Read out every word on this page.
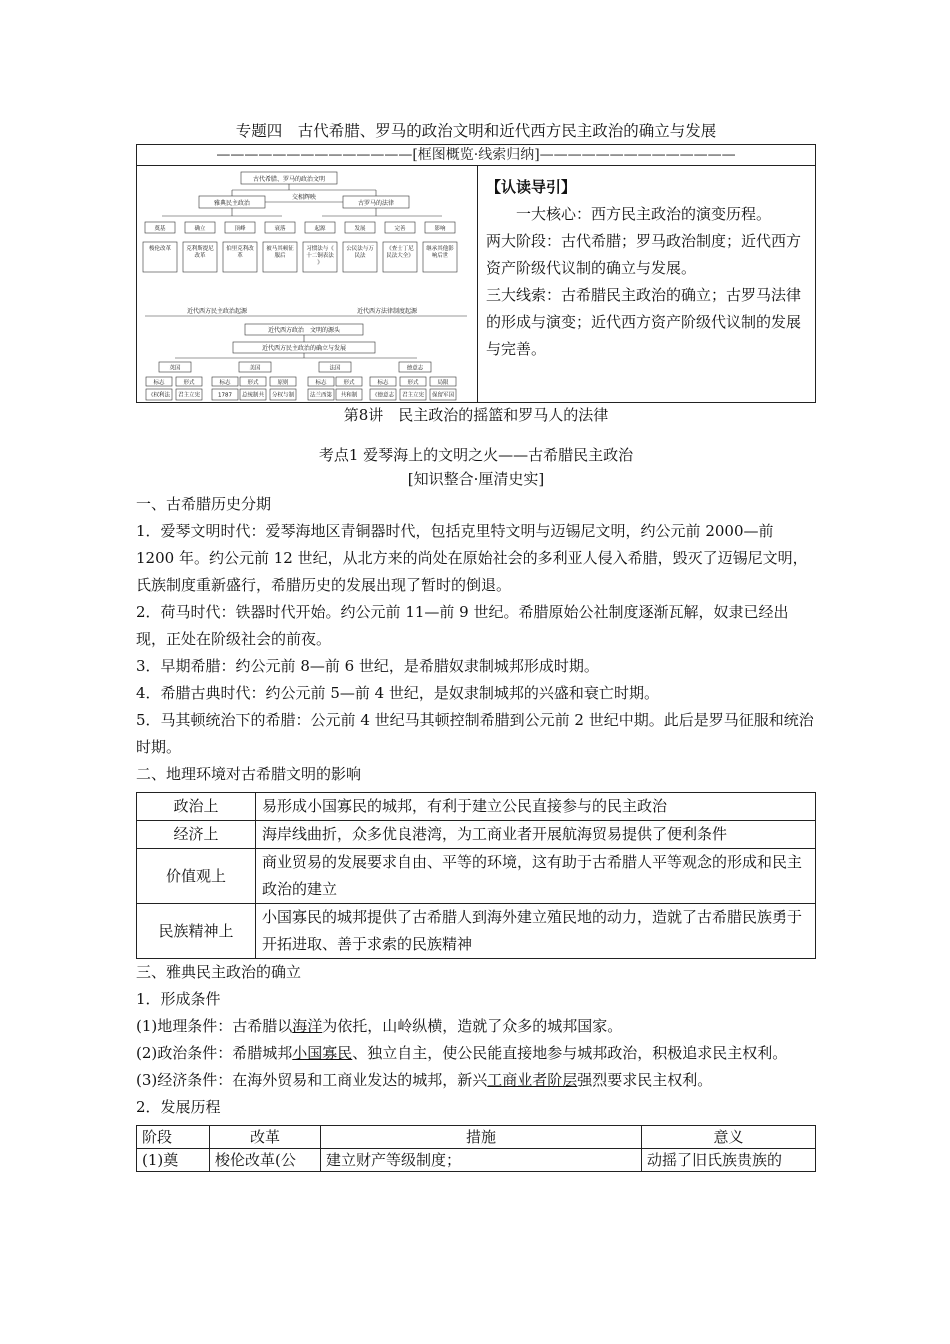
专题四　古代希腊、罗马的政治文明和近代西方民主政治的确立与发展
——————————————[框图概览·线索归纳]——————————————
古代希腊、罗马的政治文明
雅典民主政治
交相辉映
古罗马的法律
近代西方民主政治起源	近代西方法律制度起源
近代西方政治　文明的源头
近代西方民主政治的确立与发展
奠基
梭伦改革
确立
克利斯提尼改革
顶峰
伯里克利改革
衰落
被马其顿征服后
起源
习惯法与《十二铜表法》
发展
公民法与万民法
完善
《查士丁尼民法大全》
影响
继承其他影响后世
英国	美国	法国	德意志
标志	形式	标志	形式	原则	标志	形式	标志	形式	局限
《权利法 君主立宪	1787 总统制共 分权与制	法兰西第 共和制	《德意志 君主立宪 保留军国
【认读导引】
一大核心：西方民主政治的演变历程。
两大阶段：古代希腊；罗马政治制度；近代西方资产阶级代议制的确立与发展。
三大线索：古希腊民主政治的确立；古罗马法律的形成与演变；近代西方资产阶级代议制的发展与完善。
第8讲　民主政治的摇篮和罗马人的法律
考点1 爱琴海上的文明之火——古希腊民主政治
[知识整合·厘清史实]

一、古希腊历史分期

1．爱琴文明时代：爱琴海地区青铜器时代，包括克里特文明与迈锡尼文明，约公元前 2000—前 1200 年。约公元前 12 世纪，从北方来的尚处在原始社会的多利亚人侵入希腊，毁灭了迈锡尼文明，氏族制度重新盛行，希腊历史的发展出现了暂时的倒退。

2．荷马时代：铁器时代开始。约公元前 11—前 9 世纪。希腊原始公社制度逐渐瓦解，奴隶已经出现，正处在阶级社会的前夜。

3．早期希腊：约公元前 8—前 6 世纪，是希腊奴隶制城邦形成时期。

4．希腊古典时代：约公元前 5—前 4 世纪，是奴隶制城邦的兴盛和衰亡时期。

5．马其顿统治下的希腊：公元前 4 世纪马其顿控制希腊到公元前 2 世纪中期。此后是罗马征服和统治时期。

二、地理环境对古希腊文明的影响

政治上	易形成小国寡民的城邦，有利于建立公民直接参与的民主政治
经济上	海岸线曲折，众多优良港湾，为工商业者开展航海贸易提供了便利条件
价值观上	商业贸易的发展要求自由、平等的环境，这有助于古希腊人平等观念的形成和民主政治的建立
民族精神上	小国寡民的城邦提供了古希腊人到海外建立殖民地的动力，造就了古希腊民族勇于开拓进取、善于求索的民族精神

三、雅典民主政治的确立

1．形成条件

(1)地理条件：古希腊以海洋为依托，山岭纵横，造就了众多的城邦国家。

(2)政治条件：希腊城邦小国寡民、独立自主，使公民能直接地参与城邦政治，积极追求民主权利。

(3)经济条件：在海外贸易和工商业发达的城邦，新兴工商业者阶层强烈要求民主权利。

2．发展历程

阶段	改革	措施	意义
(1)奠	梭伦改革(公	建立财产等级制度；	动摇了旧氏族贵族的
